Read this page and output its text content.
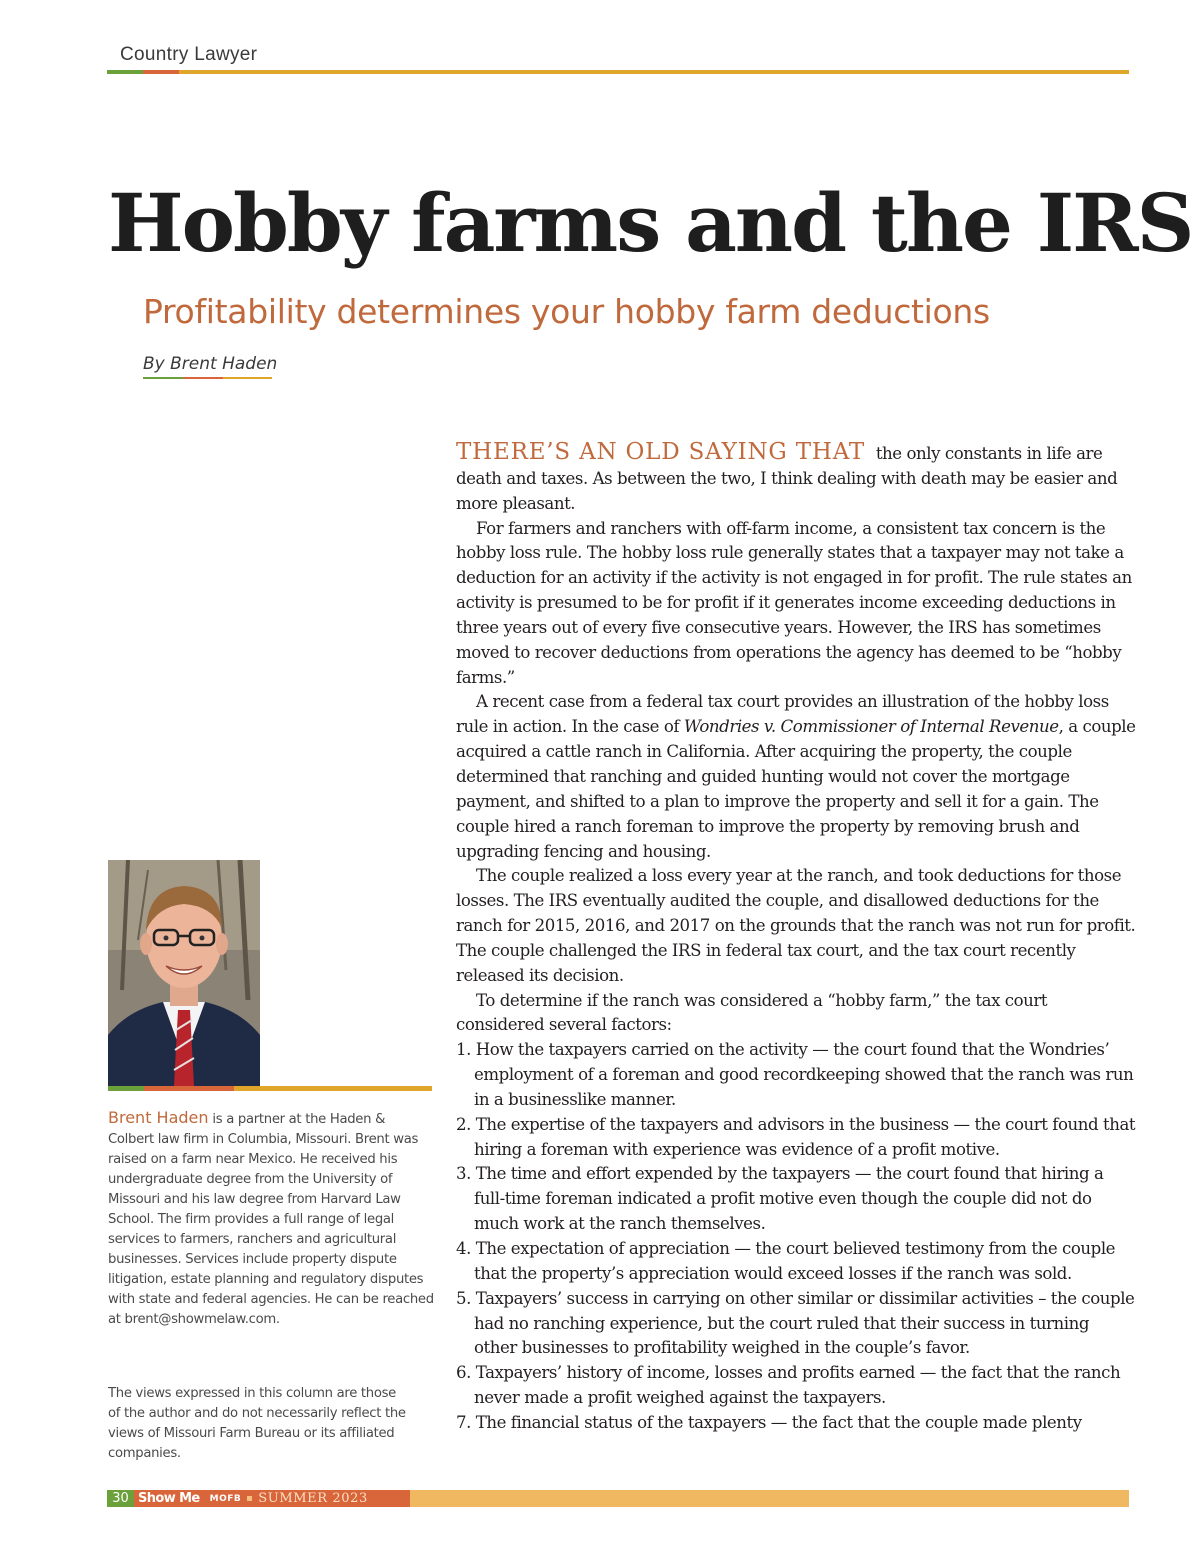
Country Lawyer
Hobby farms and the IRS
Profitability determines your hobby farm deductions
By Brent Haden
Brent Haden is a partner at the Haden & Colbert law firm in Columbia, Missouri. Brent was raised on a farm near Mexico. He received his undergraduate degree from the University of Missouri and his law degree from Harvard Law School. The firm provides a full range of legal services to farmers, ranchers and agricultural businesses. Services include property dispute litigation, estate planning and regulatory disputes with state and federal agencies. He can be reached at brent@showmelaw.com.
The views expressed in this column are those of the author and do not necessarily reflect the views of Missouri Farm Bureau or its affiliated companies.

THERE’S AN OLD SAYING THAT the only constants in life are death and taxes. As between the two, I think dealing with death may be easier and more pleasant.

For farmers and ranchers with off-farm income, a consistent tax concern is the hobby loss rule. The hobby loss rule generally states that a taxpayer may not take a deduction for an activity if the activity is not engaged in for profit. The rule states an activity is presumed to be for profit if it generates income exceeding deductions in three years out of every five consecutive years. However, the IRS has sometimes moved to recover deductions from operations the agency has deemed to be “hobby farms.”

A recent case from a federal tax court provides an illustration of the hobby loss rule in action. In the case of Wondries v. Commissioner of Internal Revenue, a couple acquired a cattle ranch in California. After acquiring the property, the couple determined that ranching and guided hunting would not cover the mortgage payment, and shifted to a plan to improve the property and sell it for a gain. The couple hired a ranch foreman to improve the property by removing brush and upgrading fencing and housing.

The couple realized a loss every year at the ranch, and took deductions for those losses. The IRS eventually audited the couple, and disallowed deductions for the ranch for 2015, 2016, and 2017 on the grounds that the ranch was not run for profit. The couple challenged the IRS in federal tax court, and the tax court recently released its decision.

To determine if the ranch was considered a “hobby farm,” the tax court considered several factors:

1. How the taxpayers carried on the activity — the court found that the Wondries’ employment of a foreman and good recordkeeping showed that the ranch was run in a businesslike manner.
2. The expertise of the taxpayers and advisors in the business — the court found that hiring a foreman with experience was evidence of a profit motive.
3. The time and effort expended by the taxpayers — the court found that hiring a full-time foreman indicated a profit motive even though the couple did not do much work at the ranch themselves.
4. The expectation of appreciation — the court believed testimony from the couple that the property’s appreciation would exceed losses if the ranch was sold.
5. Taxpayers’ success in carrying on other similar or dissimilar activities – the couple had no ranching experience, but the court ruled that their success in turning other businesses to profitability weighed in the couple’s favor.
6. Taxpayers’ history of income, losses and profits earned — the fact that the ranch never made a profit weighed against the taxpayers.
7. The financial status of the taxpayers — the fact that the couple made plenty
30 Show Me MOFB SUMMER 2023
